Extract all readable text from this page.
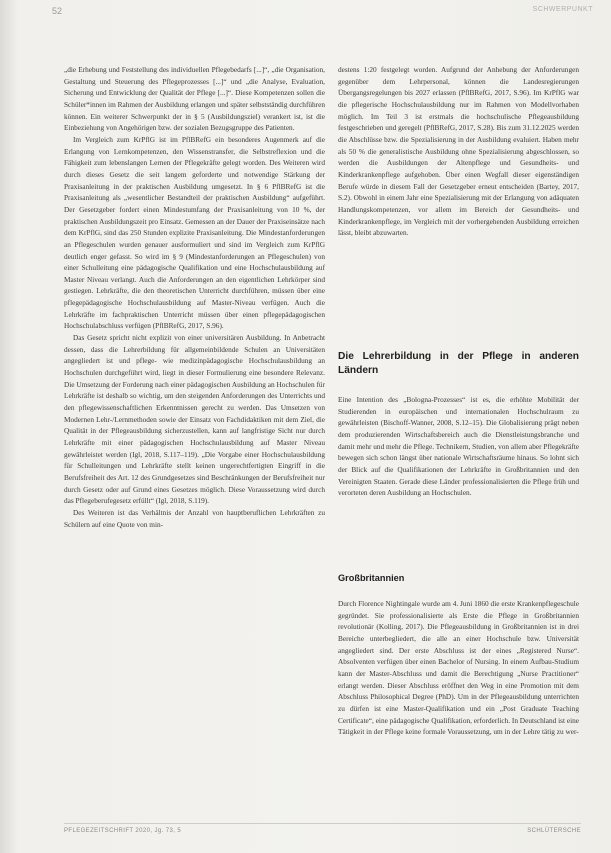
52	SCHWERPUNKT

„die Erhebung und Feststellung des individuellen Pflegebedarfs [...]“, „die Organisation, Gestaltung und Steuerung des Pflegeprozesses [...]“ und „die Analyse, Evaluation, Sicherung und Entwicklung der Qualität der Pflege [...]“. Diese Kompetenzen sollen die Schüler*innen im Rahmen der Ausbildung erlangen und später selbstständig durchführen können. Ein weiterer Schwerpunkt der in § 5 (Ausbildungsziel) verankert ist, ist die Einbeziehung von Angehörigen bzw. der sozialen Bezugsgruppe des Patienten.

Im Vergleich zum KrPflG ist im PflBRefG ein besonderes Augenmerk auf die Erlangung von Lernkompetenzen, den Wissenstransfer, die Selbstreflexion und die Fähigkeit zum lebenslangen Lernen der Pflegekräfte gelegt worden. Des Weiteren wird durch dieses Gesetz die seit langem geforderte und notwendige Stärkung der Praxisanleitung in der praktischen Ausbildung umgesetzt. In § 6 PflBRefG ist die Praxisanleitung als „wesentlicher Bestandteil der praktischen Ausbildung“ aufgeführt. Der Gesetzgeber fordert einen Mindestumfang der Praxisanleitung von 10 %, der praktischen Ausbildungszeit pro Einsatz. Gemessen an der Dauer der Praxiseinsätze nach dem KrPflG, sind das 250 Stunden explizite Praxisanleitung. Die Mindestanforderungen an Pflegeschulen wurden genauer ausformuliert und sind im Vergleich zum KrPflG deutlich enger gefasst. So wird im § 9 (Mindestanforderungen an Pflegeschulen) von einer Schulleitung eine pädagogische Qualifikation und eine Hochschulausbildung auf Master Niveau verlangt. Auch die Anforderungen an den eigentlichen Lehrkörper sind gestiegen. Lehrkräfte, die den theoretischen Unterricht durchführen, müssen über eine pflegepädagogische Hochschulausbildung auf Master-Niveau verfügen. Auch die Lehrkräfte im fachpraktischen Unterricht müssen über einen pflegepädagogischen Hochschulabschluss verfügen (PflBRefG, 2017, S.96).

Das Gesetz spricht nicht explizit von einer universitären Ausbildung. In Anbetracht dessen, dass die Lehrerbildung für allgemeinbildende Schulen an Universitäten angegliedert ist und pflege- wie medizinpädagogische Hochschulausbildung an Hochschulen durchgeführt wird, liegt in dieser Formulierung eine besondere Relevanz. Die Umsetzung der Forderung nach einer pädagogischen Ausbildung an Hochschulen für Lehrkräfte ist deshalb so wichtig, um den steigenden Anforderungen des Unterrichts und den pflegewissenschaftlichen Erkenntnissen gerecht zu werden. Das Umsetzen von Modernen Lehr-/Lernmethoden sowie der Einsatz von Fachdidaktiken mit dem Ziel, die Qualität in der Pflegeausbildung sicherzustellen, kann auf langfristige Sicht nur durch Lehrkräfte mit einer pädagogischen Hochschulausbildung auf Master Niveau gewährleistet werden (Igl, 2018, S.117–119). „Die Vorgabe einer Hochschulausbildung für Schulleitungen und Lehrkräfte stellt keinen ungerechtfertigten Eingriff in die Berufsfreiheit des Art. 12 des Grundgesetzes sind Beschränkungen der Berufsfreiheit nur durch Gesetz oder auf Grund eines Gesetzes möglich. Diese Voraussetzung wird durch das Pflegeberufegesetz erfüllt“ (Igl, 2018, S.119).

Des Weiteren ist das Verhältnis der Anzahl von hauptberuflichen Lehrkräften zu Schülern auf eine Quote von min-

destens 1:20 festgelegt worden. Aufgrund der Anhebung der Anforderungen gegenüber dem Lehrpersonal, können die Landesregierungen Übergangsregelungen bis 2027 erlassen (PflBRefG, 2017, S.96). Im KrPflG war die pflegerische Hochschulausbildung nur im Rahmen von Modellvorhaben möglich. Im Teil 3 ist erstmals die hochschulische Pflegeausbildung festgeschrieben und geregelt (PflBRefG, 2017, S.28). Bis zum 31.12.2025 werden die Abschlüsse bzw. die Spezialisierung in der Ausbildung evaluiert. Haben mehr als 50 % die generalistische Ausbildung ohne Spezialisierung abgeschlossen, so werden die Ausbildungen der Altenpflege und Gesundheits- und Kinderkrankenpflege aufgehoben. Über einen Wegfall dieser eigenständigen Berufe würde in diesem Fall der Gesetzgeber erneut entscheiden (Bartey, 2017, S.2). Obwohl in einem Jahr eine Spezialisierung mit der Erlangung von adäquaten Handlungskompetenzen, vor allem im Bereich der Gesundheits- und Kinderkrankenpflege, im Vergleich mit der vorhergehenden Ausbildung erreichen lässt, bleibt abzuwarten.

Die Lehrerbildung in der Pflege in anderen Ländern

Eine Intention des „Bologna-Prozesses“ ist es, die erhöhte Mobilität der Studierenden in europäischen und internationalen Hochschulraum zu gewährleisten (Bischoff-Wanner, 2008, S.12–15). Die Globalisierung prägt neben dem produzierenden Wirtschaftsbereich auch die Dienstleistungsbranche und damit mehr und mehr die Pflege. Technikern, Studien, von allem aber Pflegekräfte bewegen sich schon längst über nationale Wirtschaftsräume hinaus. So lohnt sich der Blick auf die Qualifikationen der Lehrkräfte in Großbritannien und den Vereinigten Staaten. Gerade diese Länder professionalisierten die Pflege früh und verorteten deren Ausbildung an Hochschulen.

Großbritannien

Durch Florence Nightingale wurde am 4. Juni 1860 die erste Krankenpflegeschule gegründet. Sie professionalisierte als Erste die Pflege in Großbritannien revolutionär (Kolling, 2017). Die Pflegeausbildung in Großbritannien ist in drei Bereiche unterbegliedert, die alle an einer Hochschule bzw. Universität angegliedert sind. Der erste Abschluss ist der eines „Registered Nurse“. Absolventen verfügen über einen Bachelor of Nursing. In einem Aufbau-Studium kann der Master-Abschluss und damit die Berechtigung „Nurse Practitioner“ erlangt werden. Dieser Abschluss eröffnet den Weg in eine Promotion mit dem Abschluss Philosophical Degree (PhD). Um in der Pflegeausbildung unterrichten zu dürfen ist eine Master-Qualifikation und ein „Post Graduate Teaching Certificate“, eine pädagogische Qualifikation, erforderlich. In Deutschland ist eine Tätigkeit in der Pflege keine formale Voraussetzung, um in der Lehre tätig zu wer-

PFLEGEZEITSCHRIFT 2020, Jg. 73, 5	SCHLÜTERSCHE
